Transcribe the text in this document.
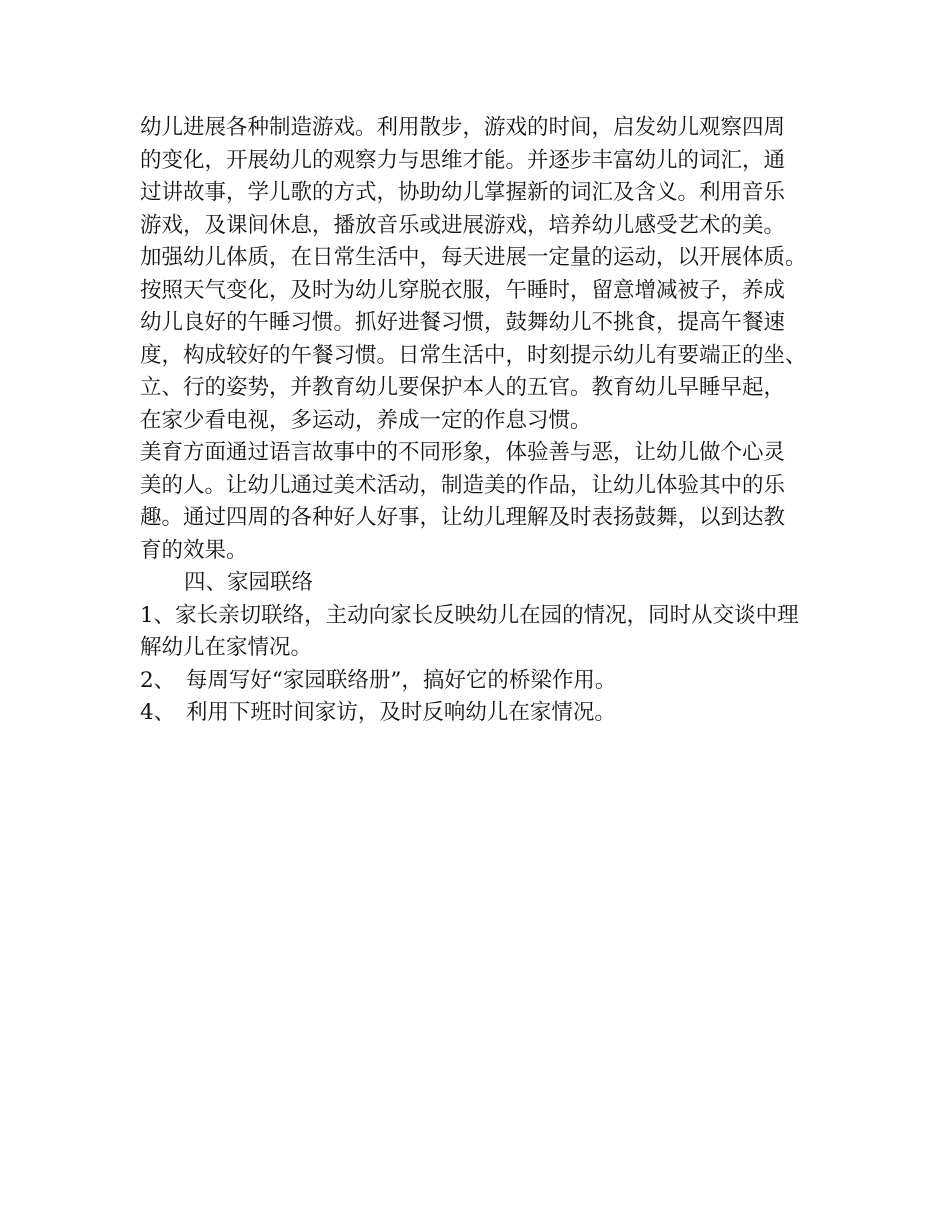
幼儿进展各种制造游戏。利用散步，游戏的时间，启发幼儿观察四周
的变化，开展幼儿的观察力与思维才能。并逐步丰富幼儿的词汇，通
过讲故事，学儿歌的方式，协助幼儿掌握新的词汇及含义。利用音乐
游戏，及课间休息，播放音乐或进展游戏，培养幼儿感受艺术的美。
加强幼儿体质，在日常生活中，每天进展一定量的运动，以开展体质。
按照天气变化，及时为幼儿穿脱衣服，午睡时，留意增减被子，养成
幼儿良好的午睡习惯。抓好进餐习惯，鼓舞幼儿不挑食，提高午餐速
度，构成较好的午餐习惯。日常生活中，时刻提示幼儿有要端正的坐、
立、行的姿势，并教育幼儿要保护本人的五官。教育幼儿早睡早起，
在家少看电视，多运动，养成一定的作息习惯。
美育方面通过语言故事中的不同形象，体验善与恶，让幼儿做个心灵
美的人。让幼儿通过美术活动，制造美的作品，让幼儿体验其中的乐
趣。通过四周的各种好人好事，让幼儿理解及时表扬鼓舞，以到达教
育的效果。
四、家园联络
1、家长亲切联络，主动向家长反映幼儿在园的情况，同时从交谈中理
解幼儿在家情况。
2、　每周写好“家园联络册”，搞好它的桥梁作用。
4、　利用下班时间家访，及时反响幼儿在家情况。
